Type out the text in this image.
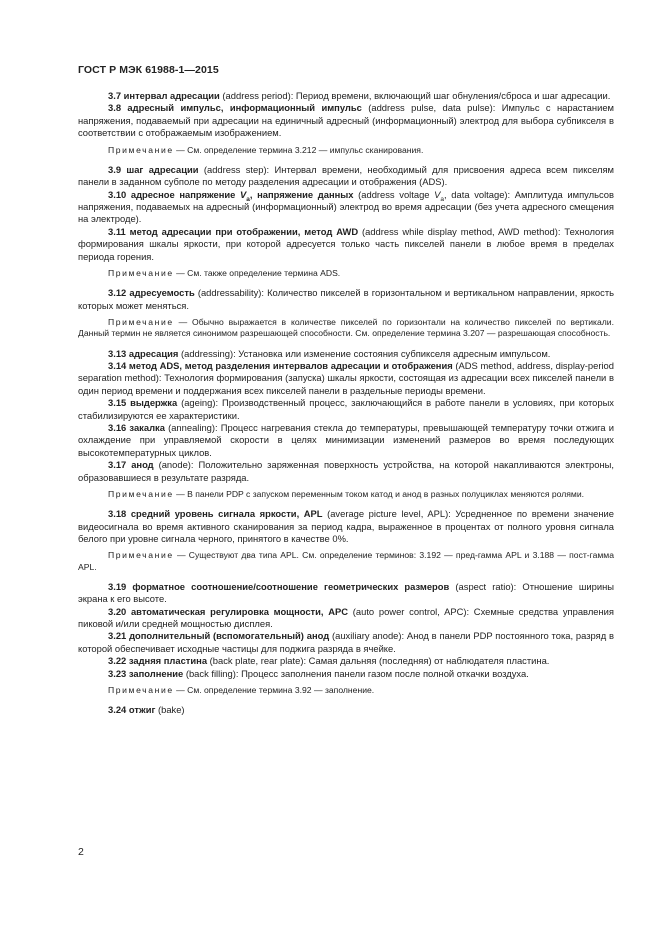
ГОСТ Р МЭК 61988-1—2015

3.7 интервал адресации (address period): Период времени, включающий шаг обнуления/сброса и шаг адресации.

3.8 адресный импульс, информационный импульс (address pulse, data pulse): Импульс с нарастанием напряжения, подаваемый при адресации на единичный адресный (информационный) электрод для выбора субпикселя в соответствии с отображаемым изображением.

Примечание — См. определение термина 3.212 — импульс сканирования.

3.9 шаг адресации (address step): Интервал времени, необходимый для присвоения адреса всем пикселям панели в заданном субполе по методу разделения адресации и отображения (ADS).

3.10 адресное напряжение $V_a$, напряжение данных (address voltage $V_a$, data voltage): Амплитуда импульсов напряжения, подаваемых на адресный (информационный) электрод во время адресации (без учета адресного смещения на электроде).

3.11 метод адресации при отображении, метод AWD (address while display method, AWD method): Технология формирования шкалы яркости, при которой адресуется только часть пикселей панели в любое время в пределах периода горения.

Примечание — См. также определение термина ADS.

3.12 адресуемость (addressability): Количество пикселей в горизонтальном и вертикальном направлении, яркость которых может меняться.

Примечание — Обычно выражается в количестве пикселей по горизонтали на количество пикселей по вертикали. Данный термин не является синонимом разрешающей способности. См. определение термина 3.207 — разрешающая способность.

3.13 адресация (addressing): Установка или изменение состояния субпикселя адресным импульсом.

3.14 метод ADS, метод разделения интервалов адресации и отображения (ADS method, address, display-period separation method): Технология формирования (запуска) шкалы яркости, состоящая из адресации всех пикселей панели в один период времени и поддержания всех пикселей панели в раздельные периоды времени.

3.15 выдержка (ageing): Производственный процесс, заключающийся в работе панели в условиях, при которых стабилизируются ее характеристики.

3.16 закалка (annealing): Процесс нагревания стекла до температуры, превышающей температуру точки отжига и охлаждение при управляемой скорости в целях минимизации изменений размеров во время последующих высокотемпературных циклов.

3.17 анод (anode): Положительно заряженная поверхность устройства, на которой накапливаются электроны, образовавшиеся в результате разряда.

Примечание — В панели PDP с запуском переменным током катод и анод в разных полуциклах меняются ролями.

3.18 средний уровень сигнала яркости, APL (average picture level, APL): Усредненное по времени значение видеосигнала во время активного сканирования за период кадра, выраженное в процентах от полного уровня сигнала белого при уровне сигнала черного, принятого в качестве 0%.

Примечание — Существуют два типа APL. См. определение терминов: 3.192 — пред-гамма APL и 3.188 — пост-гамма APL.

3.19 форматное соотношение/соотношение геометрических размеров (aspect ratio): Отношение ширины экрана к его высоте.

3.20 автоматическая регулировка мощности, APC (auto power control, APC): Схемные средства управления пиковой и/или средней мощностью дисплея.

3.21 дополнительный (вспомогательный) анод (auxiliary anode): Анод в панели PDP постоянного тока, разряд в которой обеспечивает исходные частицы для поджига разряда в ячейке.

3.22 задняя пластина (back plate, rear plate): Самая дальняя (последняя) от наблюдателя пластина.

3.23 заполнение (back filling): Процесс заполнения панели газом после полной откачки воздуха.

Примечание — См. определение термина 3.92 — заполнение.

3.24 отжиг (bake)

2
